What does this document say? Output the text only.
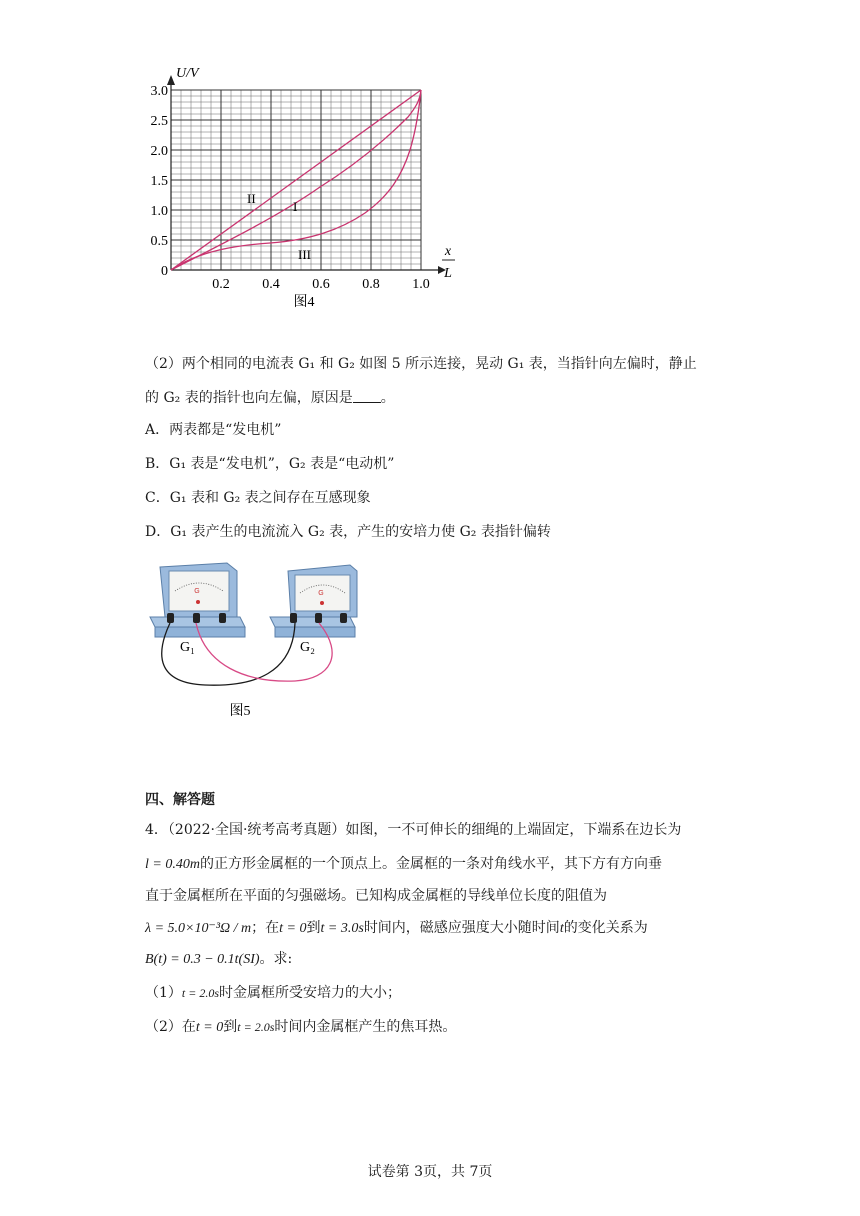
U/V
3.0
2.5
2.0
1.5
1.0
0.5
0
0.2 0.4 0.6 0.8 1.0
x
L
II
I
III
图4
（2）两个相同的电流表 G₁ 和 G₂ 如图 5 所示连接，晃动 G₁ 表，当指针向左偏时，静止
的 G₂ 表的指针也向左偏，原因是 。
A．两表都是“发电机”
B．G₁ 表是“发电机”，G₂ 表是“电动机”
C．G₁ 表和 G₂ 表之间存在互感现象
D．G₁ 表产生的电流流入 G₂ 表，产生的安培力使 G₂ 表指针偏转
G	G
G₁	G₂
图5
四、解答题
4．（2022·全国·统考高考真题）如图，一不可伸长的细绳的上端固定，下端系在边长为
l = 0.40m的正方形金属框的一个顶点上。金属框的一条对角线水平，其下方有方向垂
直于金属框所在平面的匀强磁场。已知构成金属框的导线单位长度的阻值为
λ = 5.0×10⁻³Ω / m；在t = 0到t = 3.0s时间内，磁感应强度大小随时间t的变化关系为
B(t) = 0.3 − 0.1t(SI)。求:
（1）t = 2.0s时金属框所受安培力的大小；
（2）在t = 0到t = 2.0s时间内金属框产生的焦耳热。
试卷第 3页，共 7页
